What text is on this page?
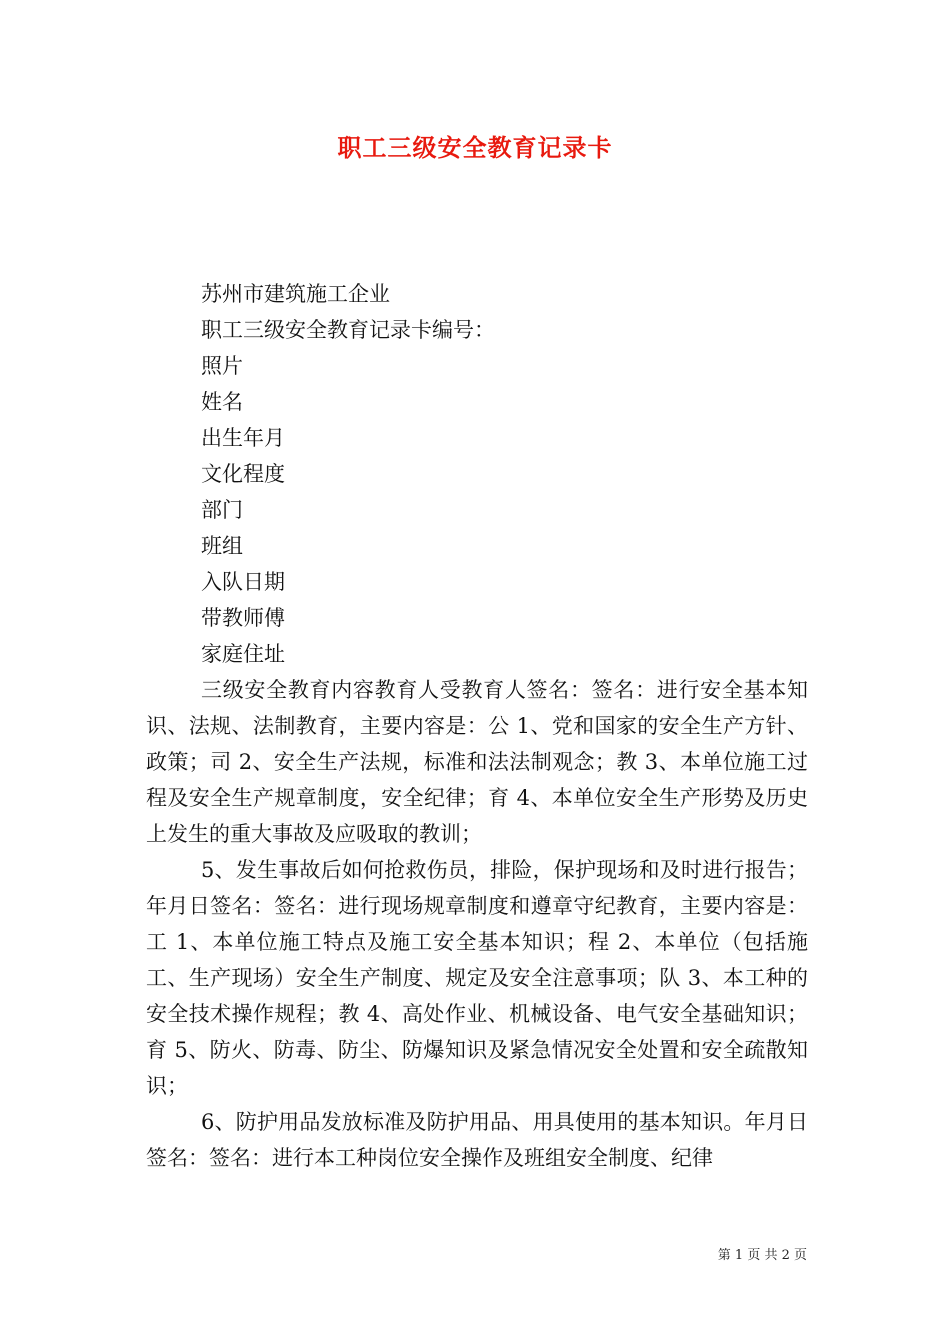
职工三级安全教育记录卡
苏州市建筑施工企业
职工三级安全教育记录卡编号：
照片
姓名
出生年月
文化程度
部门
班组
入队日期
带教师傅
家庭住址

三级安全教育内容教育人受教育人签名：签名：进行安全基本知识、法规、法制教育，主要内容是：公 1、党和国家的安全生产方针、政策；司 2、安全生产法规，标准和法法制观念；教 3、本单位施工过程及安全生产规章制度，安全纪律；育 4、本单位安全生产形势及历史上发生的重大事故及应吸取的教训；

5、发生事故后如何抢救伤员，排险，保护现场和及时进行报告；年月日签名：签名：进行现场规章制度和遵章守纪教育，主要内容是：工 1、本单位施工特点及施工安全基本知识；程 2、本单位（包括施工、生产现场）安全生产制度、规定及安全注意事项；队 3、本工种的安全技术操作规程；教 4、高处作业、机械设备、电气安全基础知识；育 5、防火、防毒、防尘、防爆知识及紧急情况安全处置和安全疏散知识；

6、防护用品发放标准及防护用品、用具使用的基本知识。年月日签名：签名：进行本工种岗位安全操作及班组安全制度、纪律

第 1 页 共 2 页
